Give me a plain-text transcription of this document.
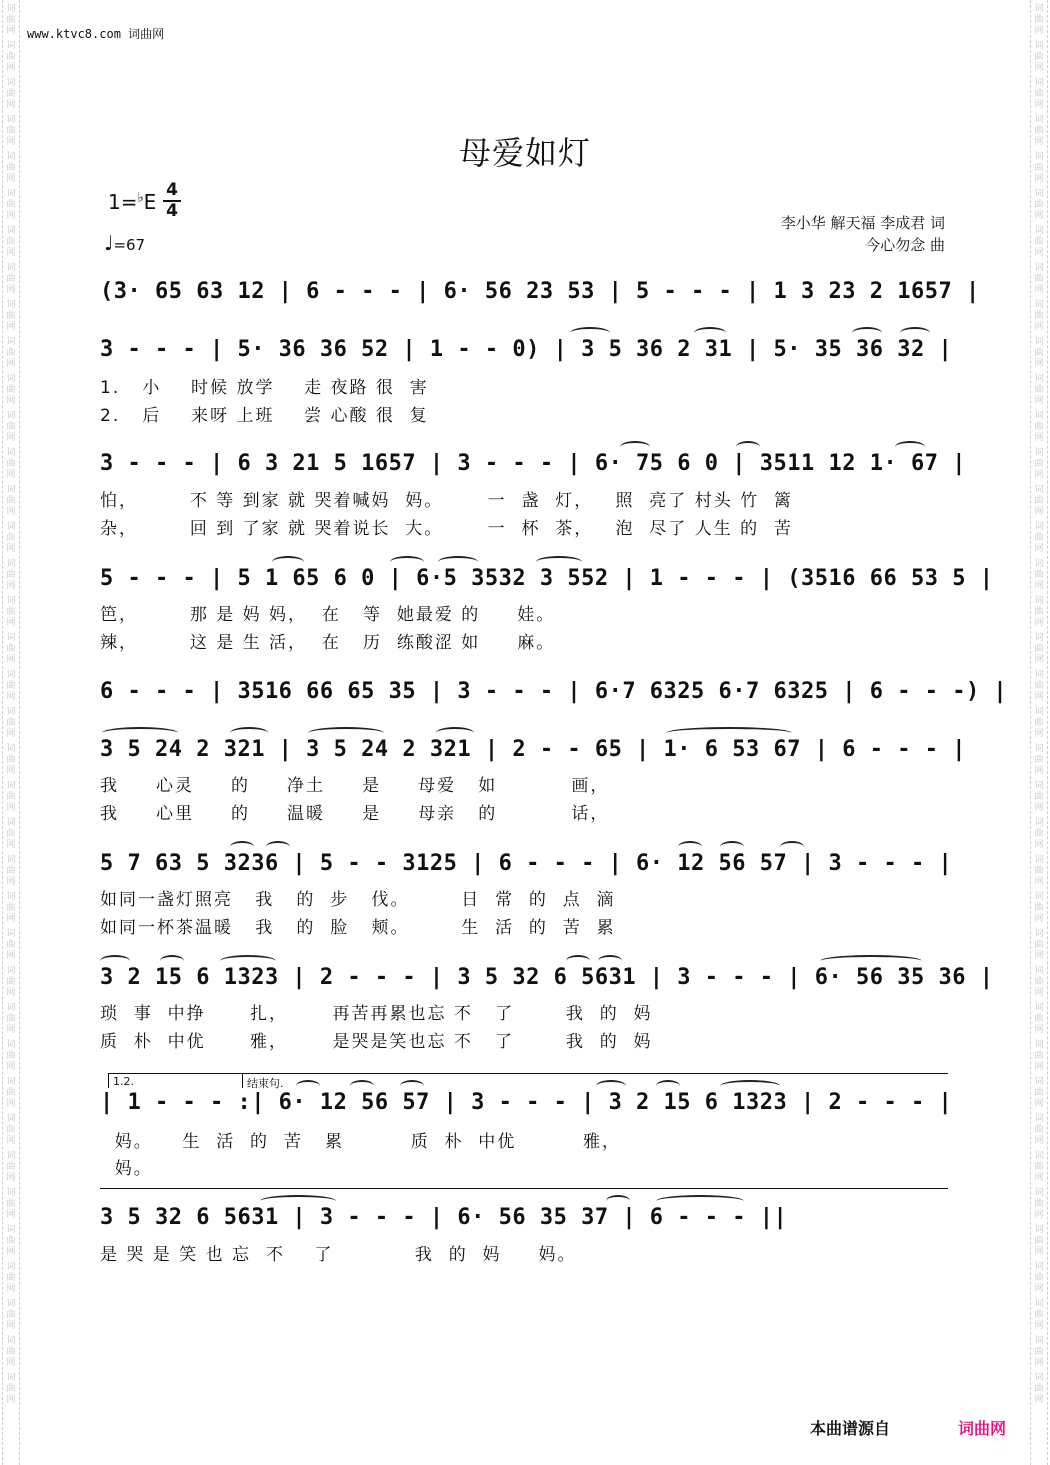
词曲网
词曲网
词曲网
词曲网
词曲网
词曲网
词曲网
词曲网
词曲网
词曲网
词曲网
词曲网
词曲网
词曲网
词曲网
词曲网
词曲网
词曲网
词曲网
词曲网
词曲网
词曲网
词曲网
词曲网
词曲网
词曲网
词曲网
词曲网
词曲网
词曲网
词曲网
词曲网
词曲网
词曲网
词曲网
词曲网
词曲网
词曲网
词曲网
词曲网
词曲网
词曲网
词曲网
词曲网
词曲网
词曲网
词曲网
词曲网
词曲网
词曲网
词曲网
词曲网
词曲网
词曲网
词曲网
词曲网
词曲网
词曲网
词曲网
词曲网
词曲网
词曲网
词曲网
词曲网
词曲网
词曲网
词曲网
词曲网
词曲网
词曲网
词曲网
词曲网
词曲网
词曲网
词曲网
词曲网
www.ktvc8.com 词曲网
母爱如灯
1=♭E 4
4
♩=67
李小华 解天福 李成君 词
今心勿念 曲
(3· 65 63 12 | 6 - - - | 6· 56 23 53 | 5 - - - | 1 3 23 2 1657 |
3 - - - | 5· 36 36 52 | 1 - - 0) | 3 5 36 2 31 | 5· 35 36 32 |
1.   小    时候 放学    走 夜路 很  害
2.   后    来呀 上班    尝 心酸 很  复
3 - - - | 6 3 21 5 1657 | 3 - - - | 6· 75 6 0 | 3511 12 1· 67 |
怕，       不 等 到家 就 哭着喊妈  妈。      一  盏  灯，   照  亮了 村头 竹  篱
杂，       回 到 了家 就 哭着说长  大。      一  杯  茶，   泡  尽了 人生 的  苦
5 - - - | 5 1 65 6 0 | 6·5 3532 3 552 | 1 - - - | (3516 66 53 5 |
笆，       那 是 妈 妈，  在   等  她最爱 的     娃。
辣，       这 是 生 活，  在   历  练酸涩 如     麻。
6 - - - | 3516 66 65 35 | 3 - - - | 6·7 6325 6·7 6325 | 6 - - -) |
3 5 24 2 321 | 3 5 24 2 321 | 2 - - 65 | 1· 6 53 67 | 6 - - - |
我     心灵     的     净土     是     母爱   如          画，
我     心里     的     温暖     是     母亲   的          话，
5 7 63 5 3236 | 5 - - 3125 | 6 - - - | 6· 12 56 57 | 3 - - - |
如同一盏灯照亮   我   的  步   伐。       日  常  的  点  滴
如同一杯茶温暖   我   的  脸   颊。       生  活  的  苦  累
3 2 15 6 1323 | 2 - - - | 3 5 32 6 5631 | 3 - - - | 6· 56 35 36 |
琐  事  中挣      扎，      再苦再累也忘 不   了       我  的  妈
质  朴  中优      雅，      是哭是笑也忘 不   了       我  的  妈
1.2.	结束句.
| 1 - - - :| 6· 12 56 57 | 3 - - - | 3 2 15 6 1323 | 2 - - - |
妈。    生  活  的  苦   累         质  朴  中优         雅，
妈。
3 5 32 6 5631 | 3 - - - | 6· 56 35 37 | 6 - - - ||
是 哭 是 笑 也 忘  不    了           我  的  妈     妈。
本曲谱源自	词曲网
